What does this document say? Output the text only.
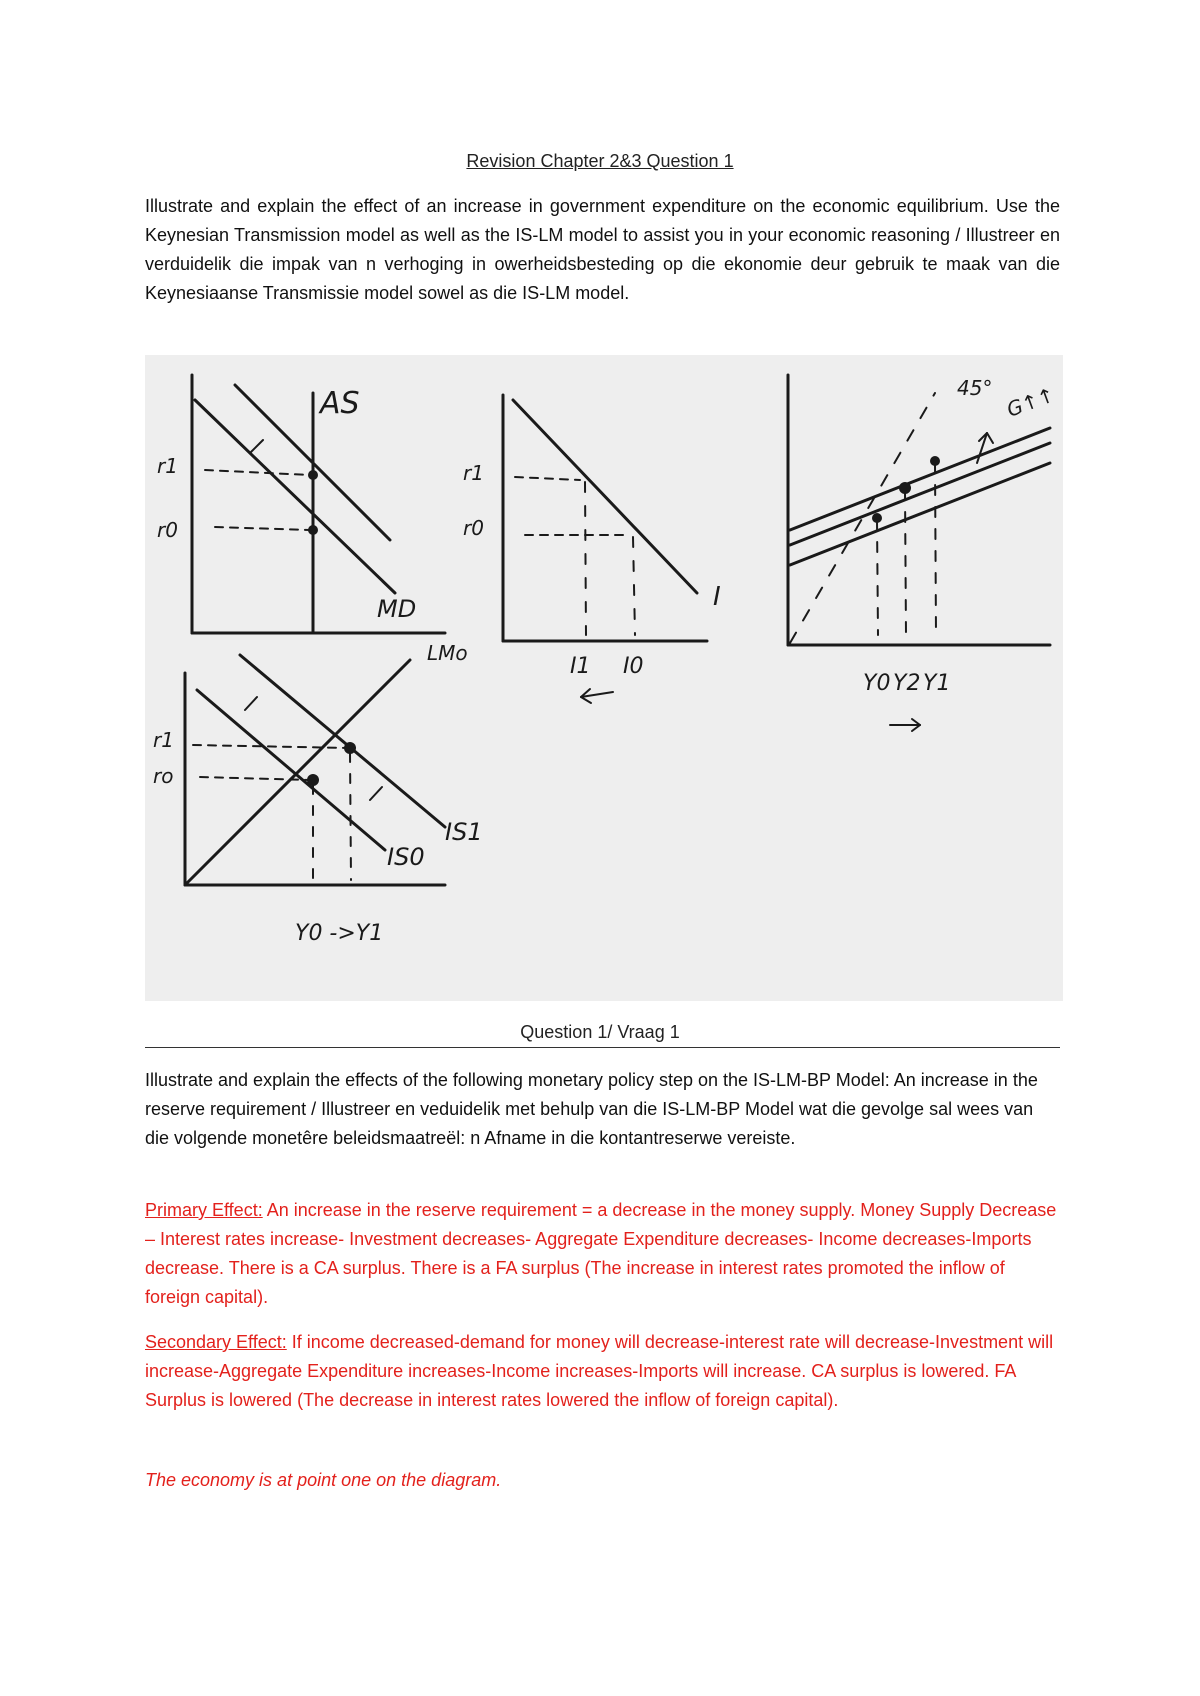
Revision Chapter 2&3 Question 1

Illustrate and explain the effect of an increase in government expenditure on the economic equilibrium. Use the Keynesian Transmission model as well as the IS-LM model to assist you in your economic reasoning / Illustreer en verduidelik die impak van n verhoging in owerheidsbesteding op die ekonomie deur gebruik te maak van die Keynesiaanse Transmissie model sowel as die IS-LM model.

AS
MD
r1
r0
r1
r0
I
I1 I0
45° G↑↑
Y0 Y2 Y1
LMo
IS1
IS0
r1
ro
Y0 ->Y1
Question 1/ Vraag 1

Illustrate and explain the effects of the following monetary policy step on the IS-LM-BP Model: An increase in the reserve requirement / Illustreer en veduidelik met behulp van die IS-LM-BP Model wat die gevolge sal wees van die volgende monetêre beleidsmaatreël: n Afname in die kontantreserwe vereiste.

Primary Effect: An increase in the reserve requirement = a decrease in the money supply. Money Supply Decrease – Interest rates increase- Investment decreases- Aggregate Expenditure decreases- Income decreases-Imports decrease. There is a CA surplus. There is a FA surplus (The increase in interest rates promoted the inflow of foreign capital).

Secondary Effect: If income decreased-demand for money will decrease-interest rate will decrease-Investment will increase-Aggregate Expenditure increases-Income increases-Imports will increase. CA surplus is lowered. FA Surplus is lowered (The decrease in interest rates lowered the inflow of foreign capital).

The economy is at point one on the diagram.
